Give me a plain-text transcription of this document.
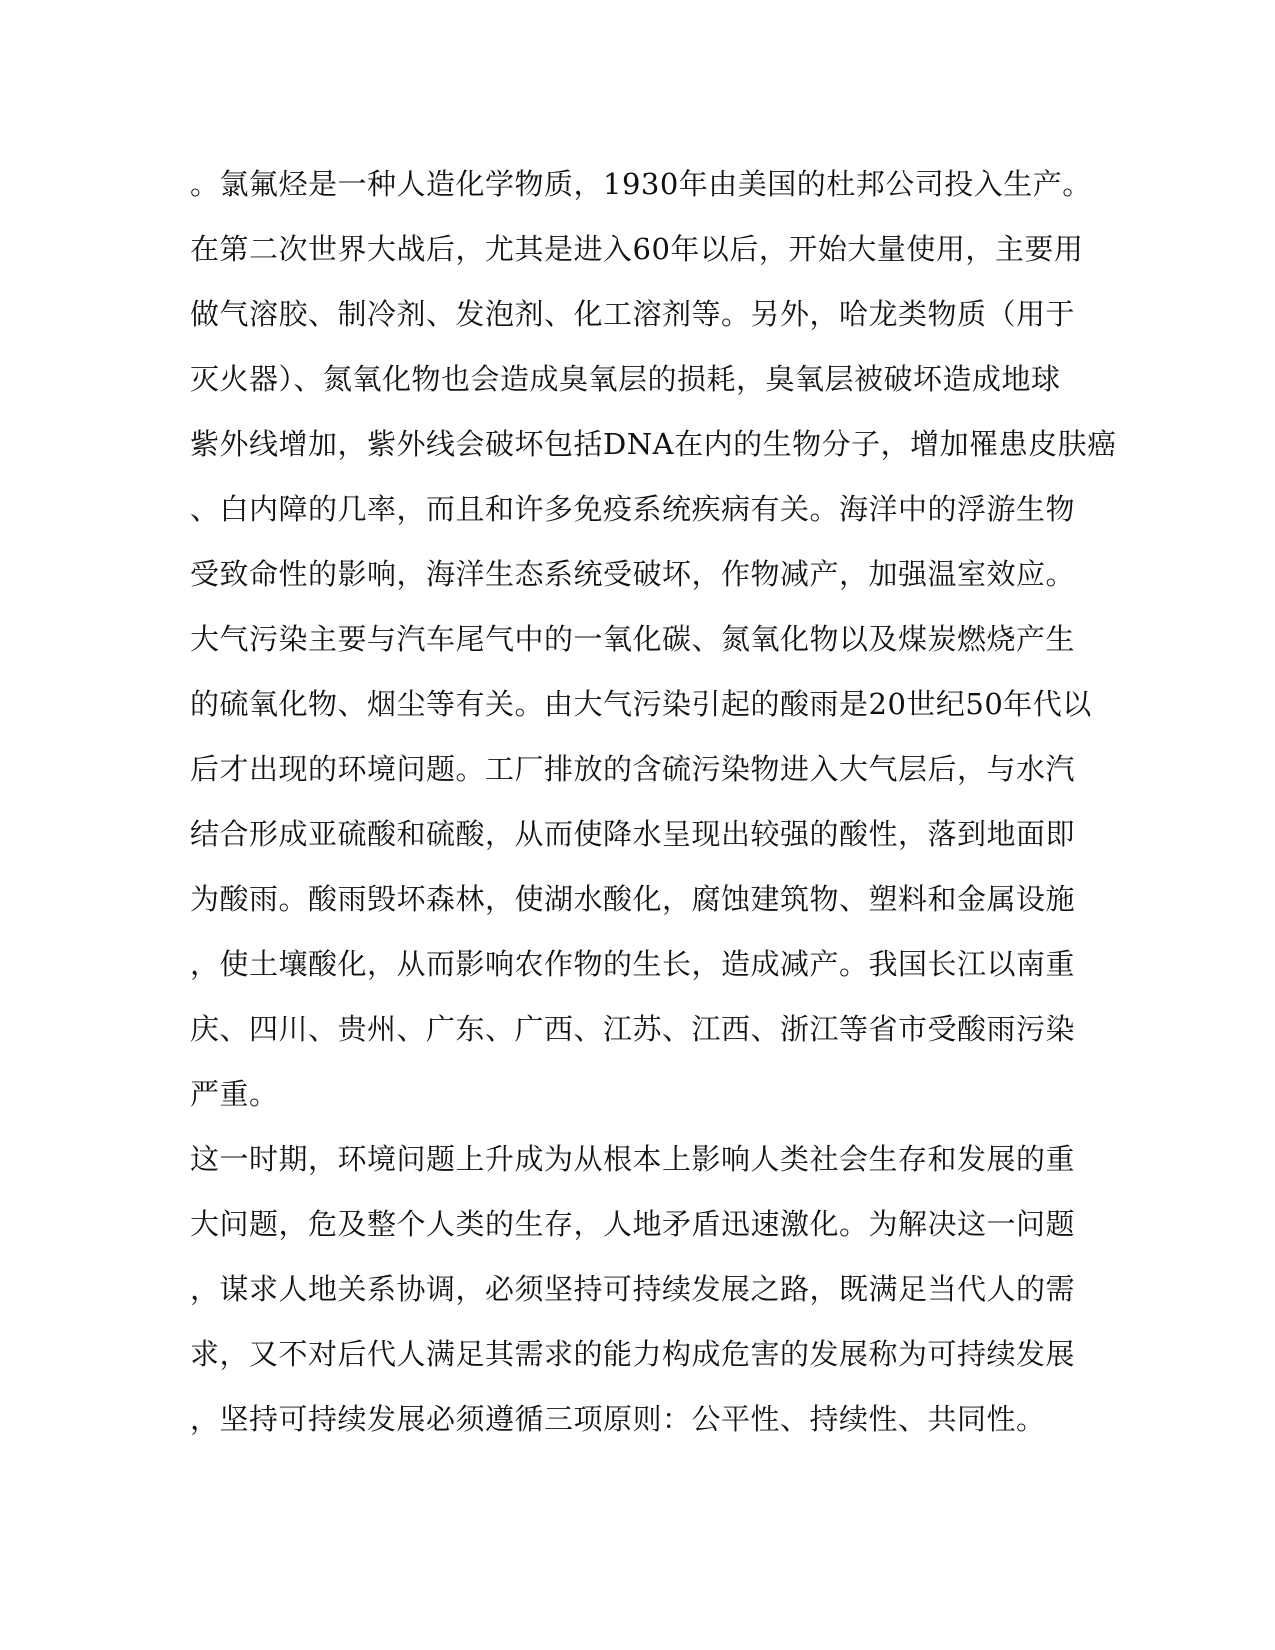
。氯氟烃是一种人造化学物质，1930年由美国的杜邦公司投入生产。
在第二次世界大战后，尤其是进入60年以后，开始大量使用，主要用
做气溶胶、制冷剂、发泡剂、化工溶剂等。另外，哈龙类物质（用于
灭火器）、氮氧化物也会造成臭氧层的损耗，臭氧层被破坏造成地球
紫外线增加，紫外线会破坏包括DNA在内的生物分子，增加罹患皮肤癌
、白内障的几率，而且和许多免疫系统疾病有关。海洋中的浮游生物
受致命性的影响，海洋生态系统受破坏，作物减产，加强温室效应。
大气污染主要与汽车尾气中的一氧化碳、氮氧化物以及煤炭燃烧产生
的硫氧化物、烟尘等有关。由大气污染引起的酸雨是20世纪50年代以
后才出现的环境问题。工厂排放的含硫污染物进入大气层后，与水汽
结合形成亚硫酸和硫酸，从而使降水呈现出较强的酸性，落到地面即
为酸雨。酸雨毁坏森林，使湖水酸化，腐蚀建筑物、塑料和金属设施
，使土壤酸化，从而影响农作物的生长，造成减产。我国长江以南重
庆、四川、贵州、广东、广西、江苏、江西、浙江等省市受酸雨污染
严重。
这一时期，环境问题上升成为从根本上影响人类社会生存和发展的重
大问题，危及整个人类的生存，人地矛盾迅速激化。为解决这一问题
，谋求人地关系协调，必须坚持可持续发展之路，既满足当代人的需
求，又不对后代人满足其需求的能力构成危害的发展称为可持续发展
，坚持可持续发展必须遵循三项原则：公平性、持续性、共同性。
